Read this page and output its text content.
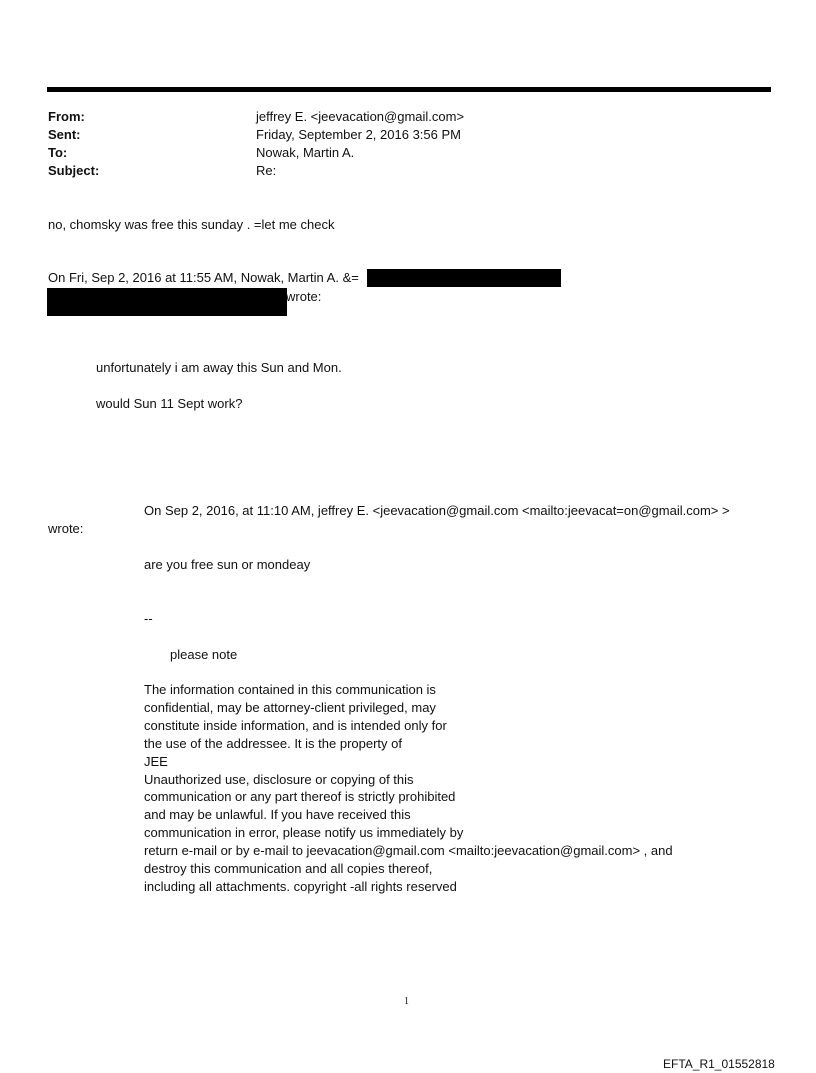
From:	jeffrey E. <jeevacation@gmail.com>
Sent:	Friday, September 2, 2016 3:56 PM
To:	Nowak, Martin A.
Subject:	Re:
no, chomsky was free this sunday . =let me check
On Fri, Sep 2, 2016 at 11:55 AM, Nowak, Martin A. &=
wrote:
unfortunately i am away this Sun and Mon.
would Sun 11 Sept work?
On Sep 2, 2016, at 11:10 AM, jeffrey E. <jeevacation@gmail.com <mailto:jeevacat=on@gmail.com> >
wrote:
are you free sun or mondeay
--
please note
The information contained in this communication is
confidential, may be attorney-client privileged, may
constitute inside information, and is intended only for
the use of the addressee. It is the property of
JEE
Unauthorized use, disclosure or copying of this
communication or any part thereof is strictly prohibited
and may be unlawful. If you have received this
communication in error, please notify us immediately by
return e-mail or by e-mail to jeevacation@gmail.com <mailto:jeevacation@gmail.com> , and
destroy this communication and all copies thereof,
including all attachments. copyright -all rights reserved
1
EFTA_R1_01552818
